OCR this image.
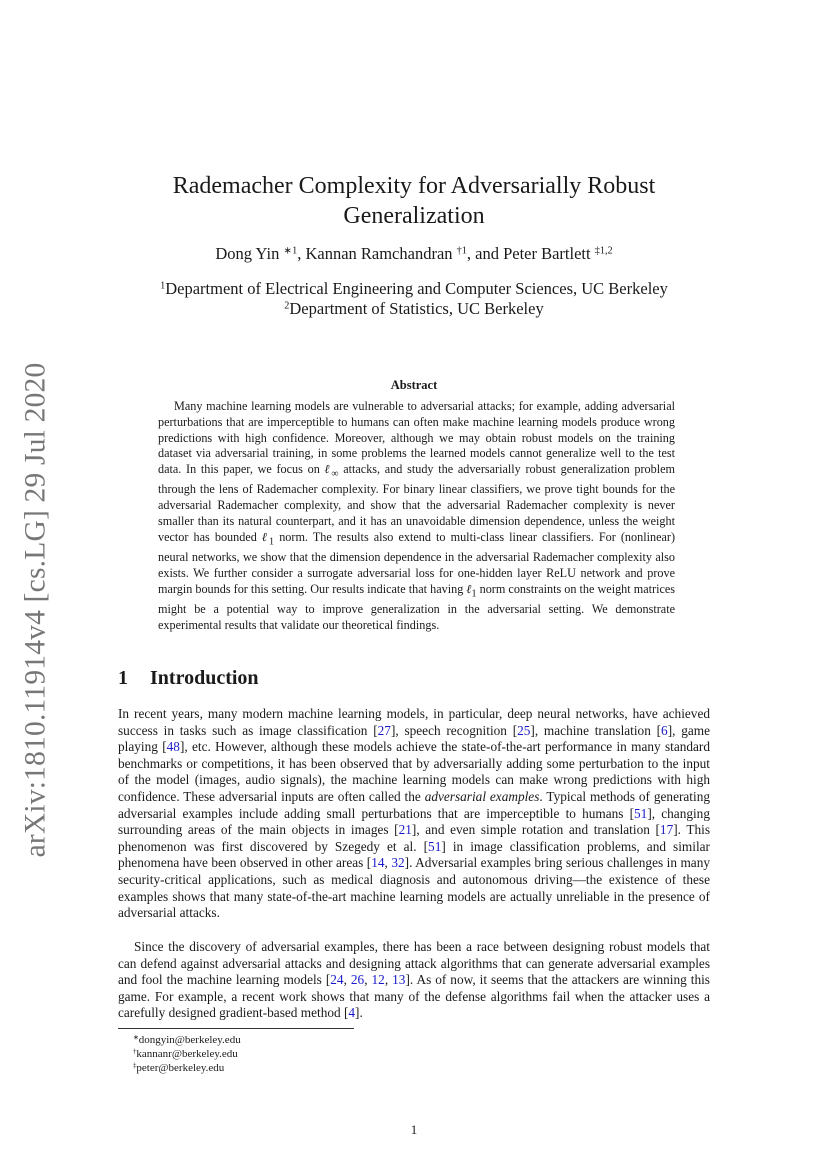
arXiv:1810.11914v4 [cs.LG] 29 Jul 2020
Rademacher Complexity for Adversarially Robust
Generalization
Dong Yin $^{∗1}$, Kannan Ramchandran $^{\dagger 1}$, and Peter Bartlett $^{\ddagger 1,2}$
$^1$Department of Electrical Engineering and Computer Sciences, UC Berkeley
$^2$Department of Statistics, UC Berkeley
Abstract

Many machine learning models are vulnerable to adversarial attacks; for example, adding adversarial perturbations that are imperceptible to humans can often make machine learning models produce wrong predictions with high confidence. Moreover, although we may obtain robust models on the training dataset via adversarial training, in some problems the learned models cannot generalize well to the test data. In this paper, we focus on ℓ$_\infty$ attacks, and study the adversarially robust generalization problem through the lens of Rademacher complexity. For binary linear classifiers, we prove tight bounds for the adversarial Rademacher complexity, and show that the adversarial Rademacher complexity is never smaller than its natural counterpart, and it has an unavoidable dimension dependence, unless the weight vector has bounded ℓ$_1$ norm. The results also extend to multi-class linear classifiers. For (nonlinear) neural networks, we show that the dimension dependence in the adversarial Rademacher complexity also exists. We further consider a surrogate adversarial loss for one-hidden layer ReLU network and prove margin bounds for this setting. Our results indicate that having ℓ$_1$ norm constraints on the weight matrices might be a potential way to improve generalization in the adversarial setting. We demonstrate experimental results that validate our theoretical findings.

1 Introduction

In recent years, many modern machine learning models, in particular, deep neural networks, have achieved success in tasks such as image classification [27], speech recognition [25], machine translation [6], game playing [48], etc. However, although these models achieve the state-of-the-art performance in many standard benchmarks or competitions, it has been observed that by adversarially adding some perturbation to the input of the model (images, audio signals), the machine learning models can make wrong predictions with high confidence. These adversarial inputs are often called the adversarial examples. Typical methods of generating adversarial examples include adding small perturbations that are imperceptible to humans [51], changing surrounding areas of the main objects in images [21], and even simple rotation and translation [17]. This phenomenon was first discovered by Szegedy et al. [51] in image classification problems, and similar phenomena have been observed in other areas [14, 32]. Adversarial examples bring serious challenges in many security-critical applications, such as medical diagnosis and autonomous driving—the existence of these examples shows that many state-of-the-art machine learning models are actually unreliable in the presence of adversarial attacks.

Since the discovery of adversarial examples, there has been a race between designing robust models that can defend against adversarial attacks and designing attack algorithms that can generate adversarial examples and fool the machine learning models [24, 26, 12, 13]. As of now, it seems that the attackers are winning this game. For example, a recent work shows that many of the defense algorithms fail when the attacker uses a carefully designed gradient-based method [4].

∗dongyin@berkeley.edu
†kannanr@berkeley.edu
‡peter@berkeley.edu
1
